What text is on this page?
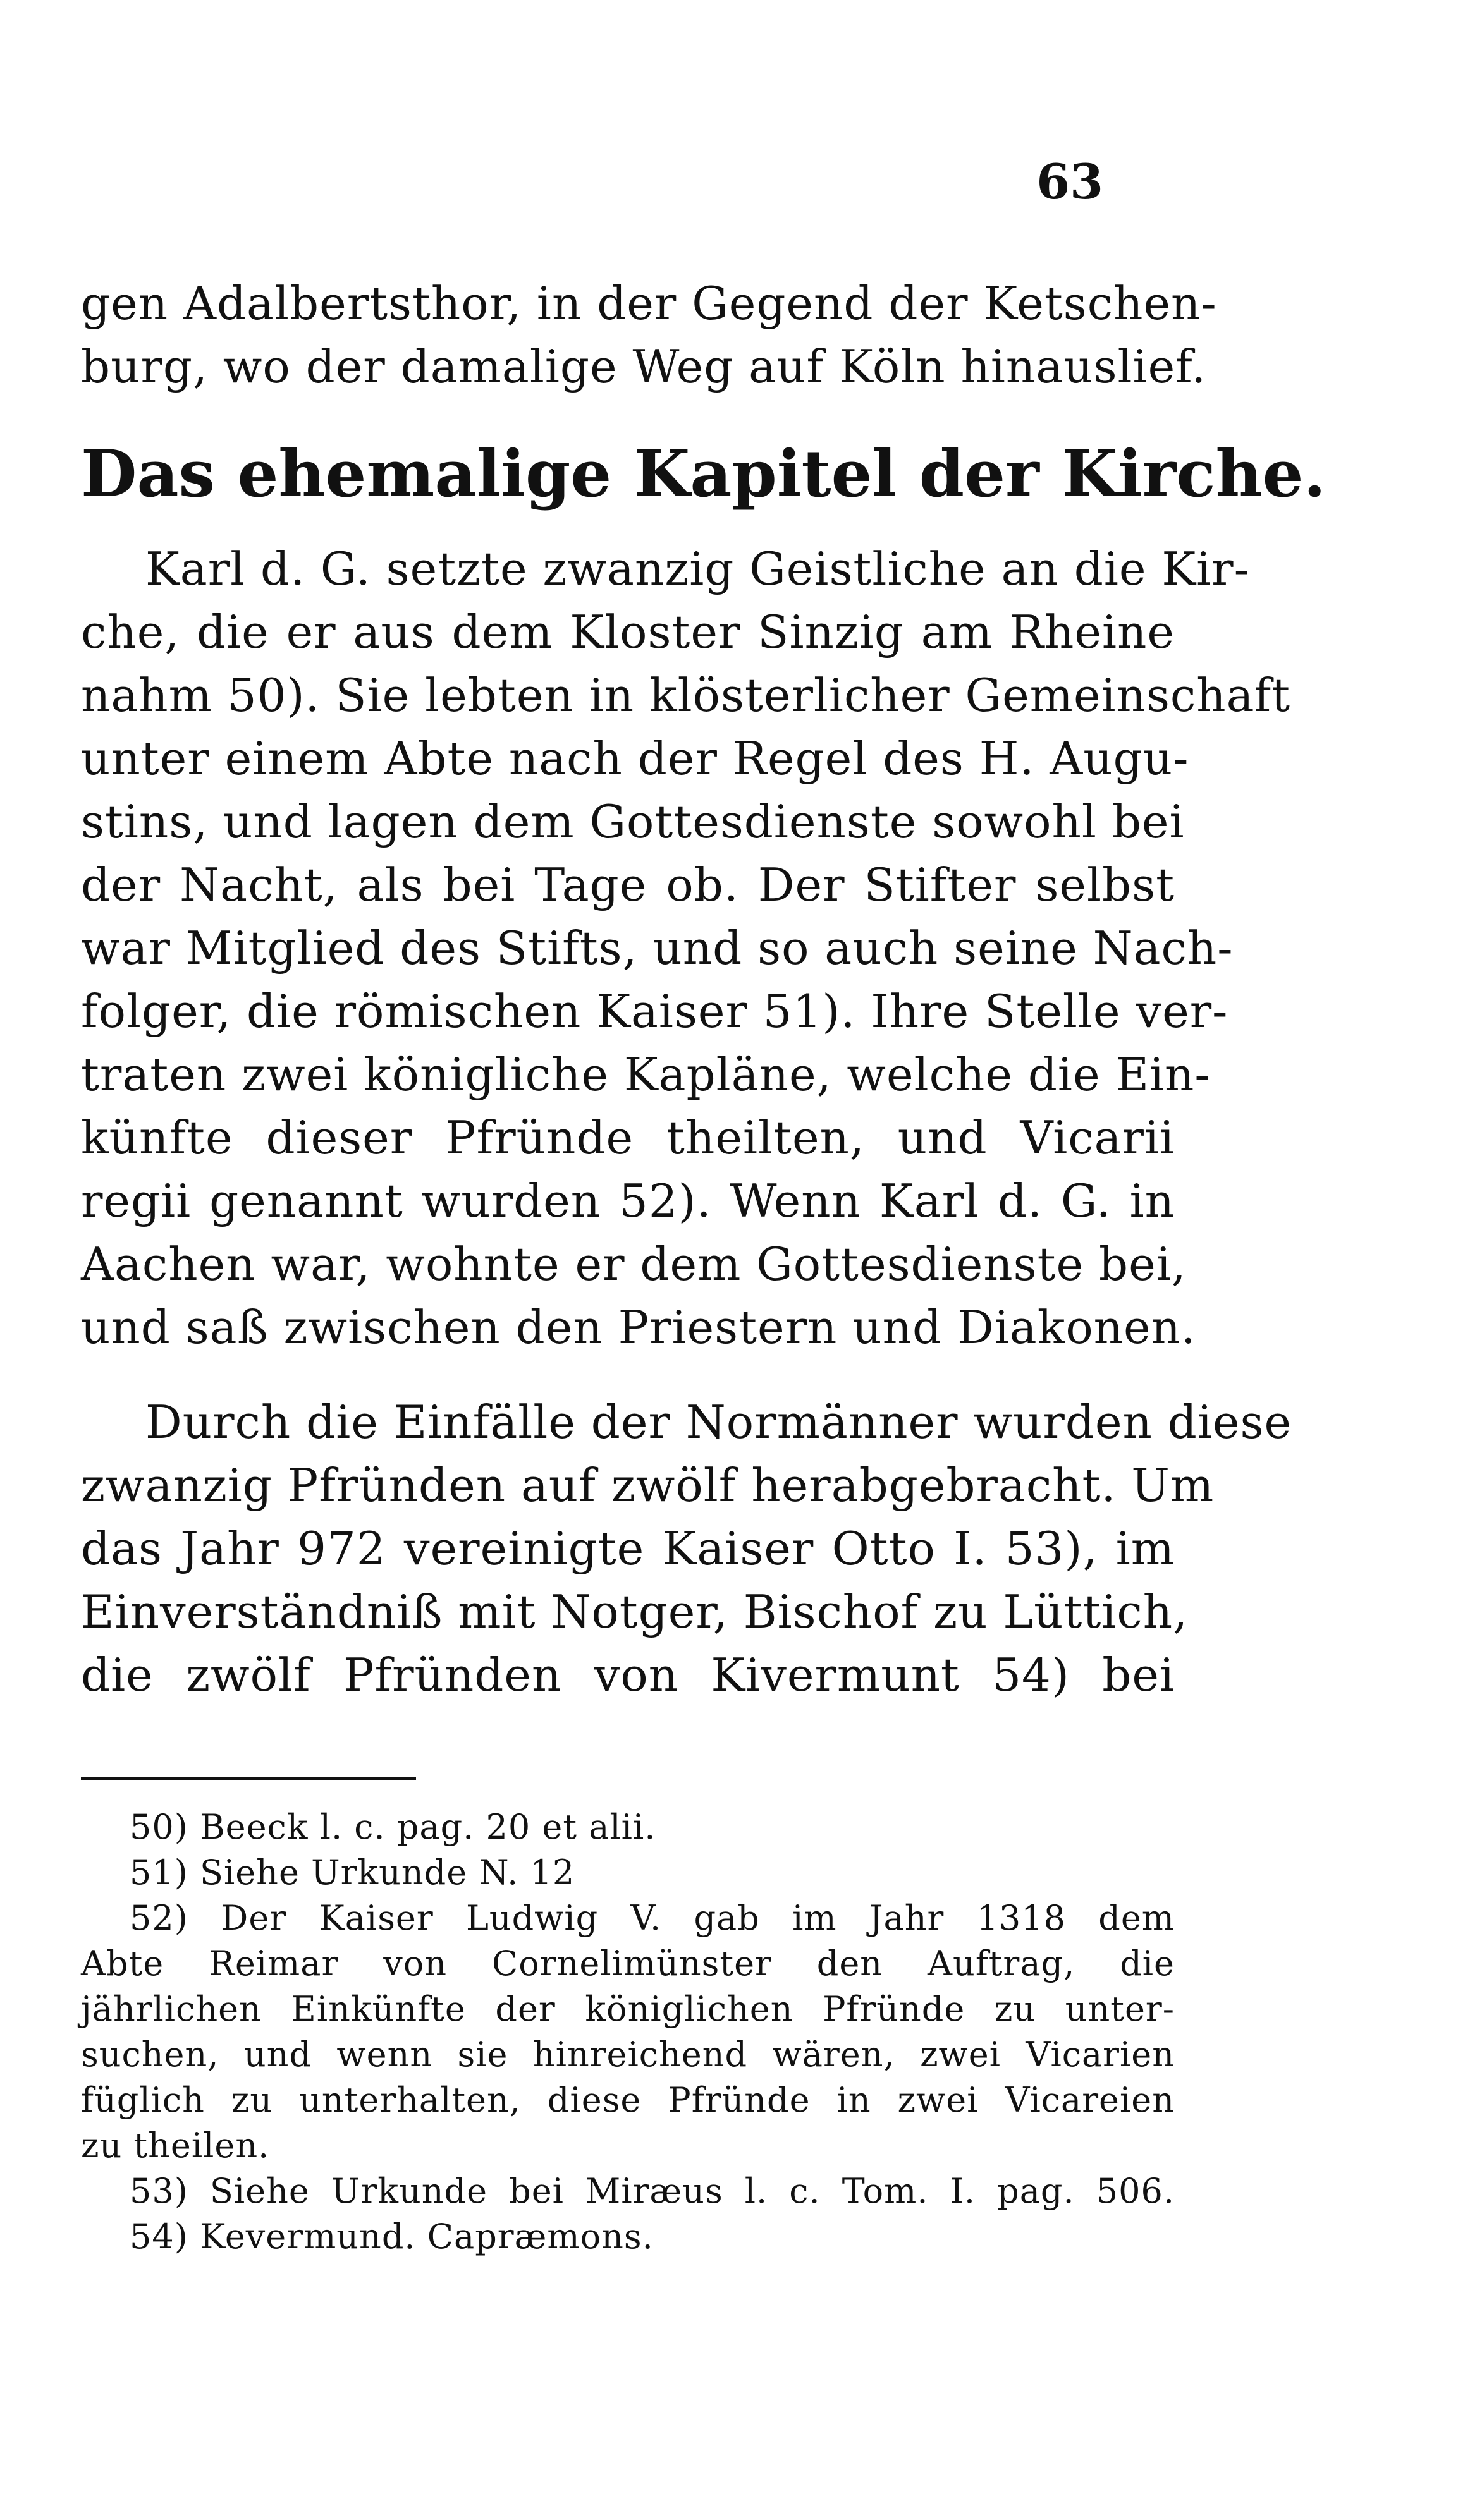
63
gen Adalbertsthor, in der Gegend der Ketschen-
burg, wo der damalige Weg auf Köln hinauslief.
Das ehemalige Kapitel der Kirche.
Karl d. G. setzte zwanzig Geistliche an die Kir-
che, die er aus dem Kloster Sinzig am Rheine
nahm 50). Sie lebten in klösterlicher Gemeinschaft
unter einem Abte nach der Regel des H. Augu-
stins, und lagen dem Gottesdienste sowohl bei
der Nacht, als bei Tage ob. Der Stifter selbst
war Mitglied des Stifts, und so auch seine Nach-
folger, die römischen Kaiser 51). Ihre Stelle ver-
traten zwei königliche Kapläne, welche die Ein-
künfte dieser Pfründe theilten, und Vicarii
regii genannt wurden 52). Wenn Karl d. G. in
Aachen war, wohnte er dem Gottesdienste bei,
und saß zwischen den Priestern und Diakonen.
Durch die Einfälle der Normänner wurden diese
zwanzig Pfründen auf zwölf herabgebracht. Um
das Jahr 972 vereinigte Kaiser Otto I. 53), im
Einverständniß mit Notger, Bischof zu Lüttich,
die zwölf Pfründen von Kivermunt 54) bei
50) Beeck l. c. pag. 20 et alii.
51) Siehe Urkunde N. 12
52) Der Kaiser Ludwig V. gab im Jahr 1318 dem
Abte Reimar von Cornelimünster den Auftrag, die
jährlichen Einkünfte der königlichen Pfründe zu unter-
suchen, und wenn sie hinreichend wären, zwei Vicarien
füglich zu unterhalten, diese Pfründe in zwei Vicareien
zu theilen.
53) Siehe Urkunde bei Miræus l. c. Tom. I. pag. 506.
54) Kevermund. Capræmons.
